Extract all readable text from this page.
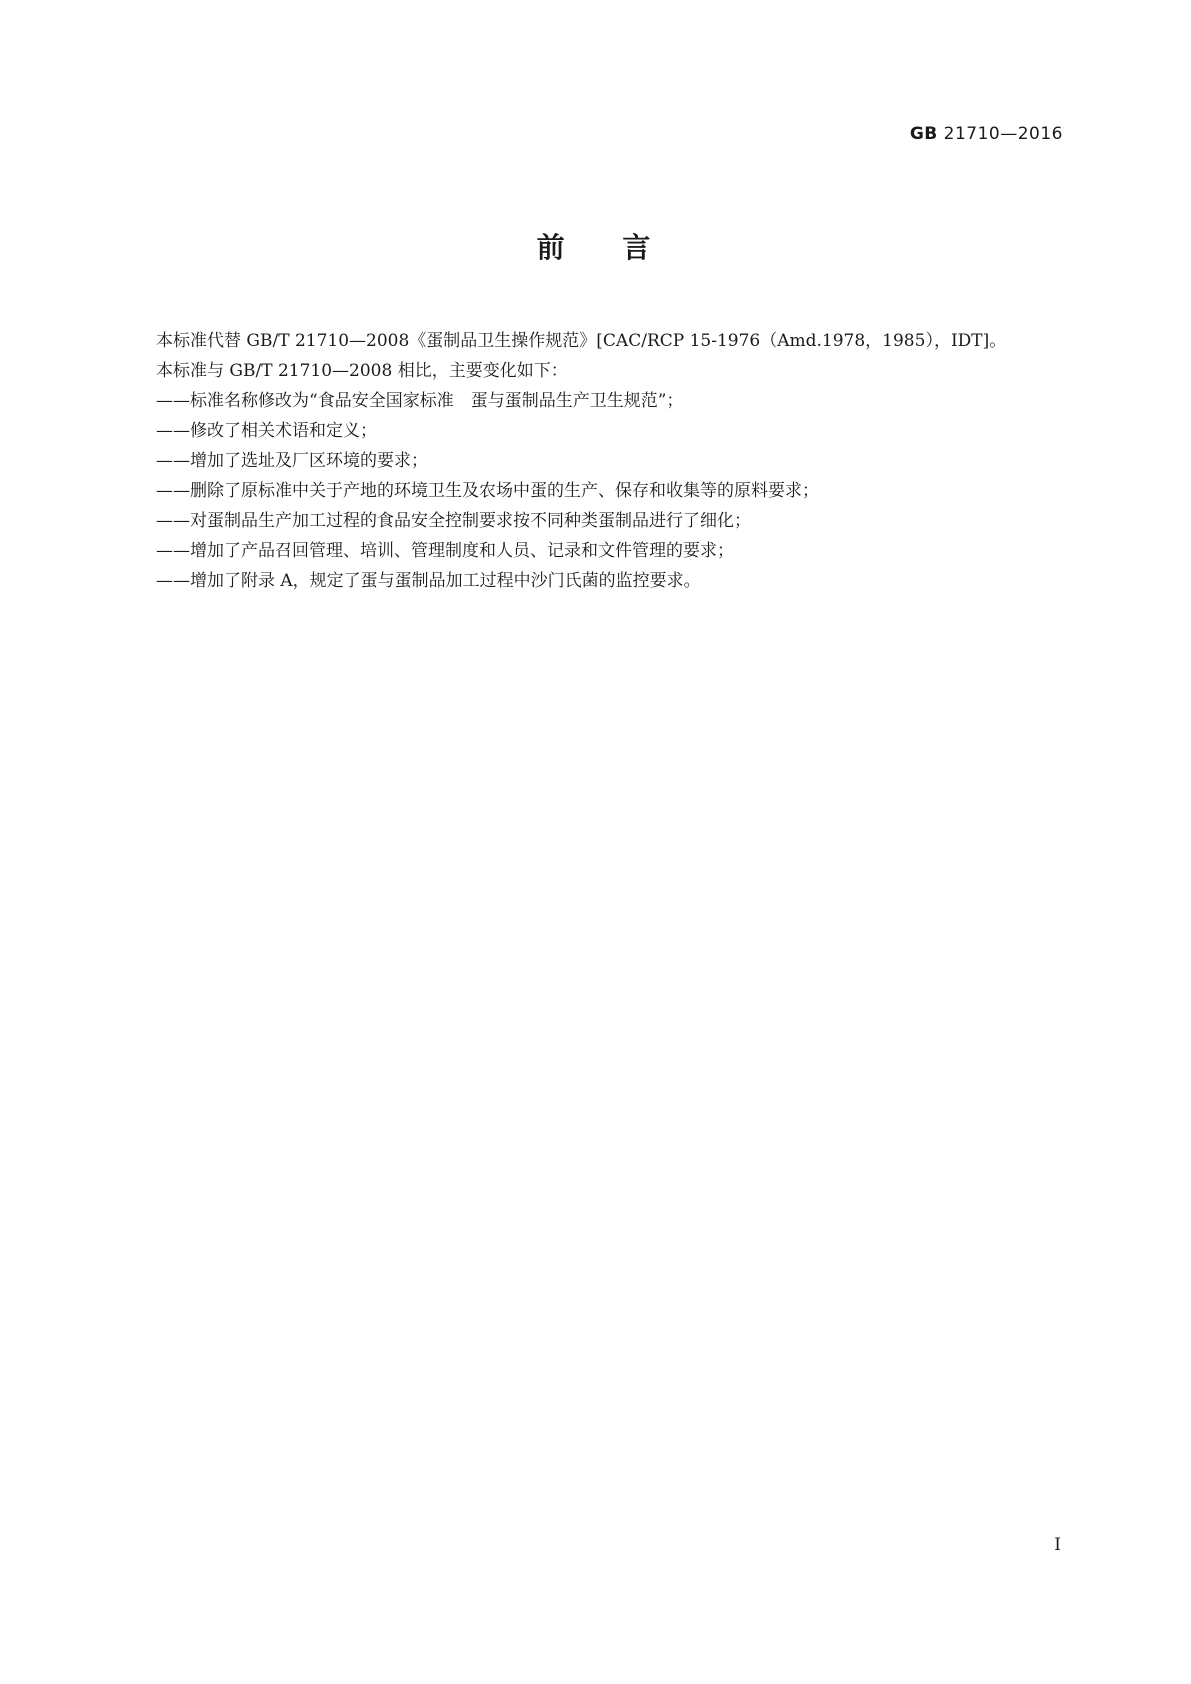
GB 21710—2016
前 言

本标准代替 GB/T 21710—2008《蛋制品卫生操作规范》[CAC/RCP 15-1976（Amd.1978，1985），IDT]。

本标准与 GB/T 21710—2008 相比，主要变化如下：

——标准名称修改为“食品安全国家标准　蛋与蛋制品生产卫生规范”；

——修改了相关术语和定义；

——增加了选址及厂区环境的要求；

——删除了原标准中关于产地的环境卫生及农场中蛋的生产、保存和收集等的原料要求；

——对蛋制品生产加工过程的食品安全控制要求按不同种类蛋制品进行了细化；

——增加了产品召回管理、培训、管理制度和人员、记录和文件管理的要求；

——增加了附录 A，规定了蛋与蛋制品加工过程中沙门氏菌的监控要求。

I
